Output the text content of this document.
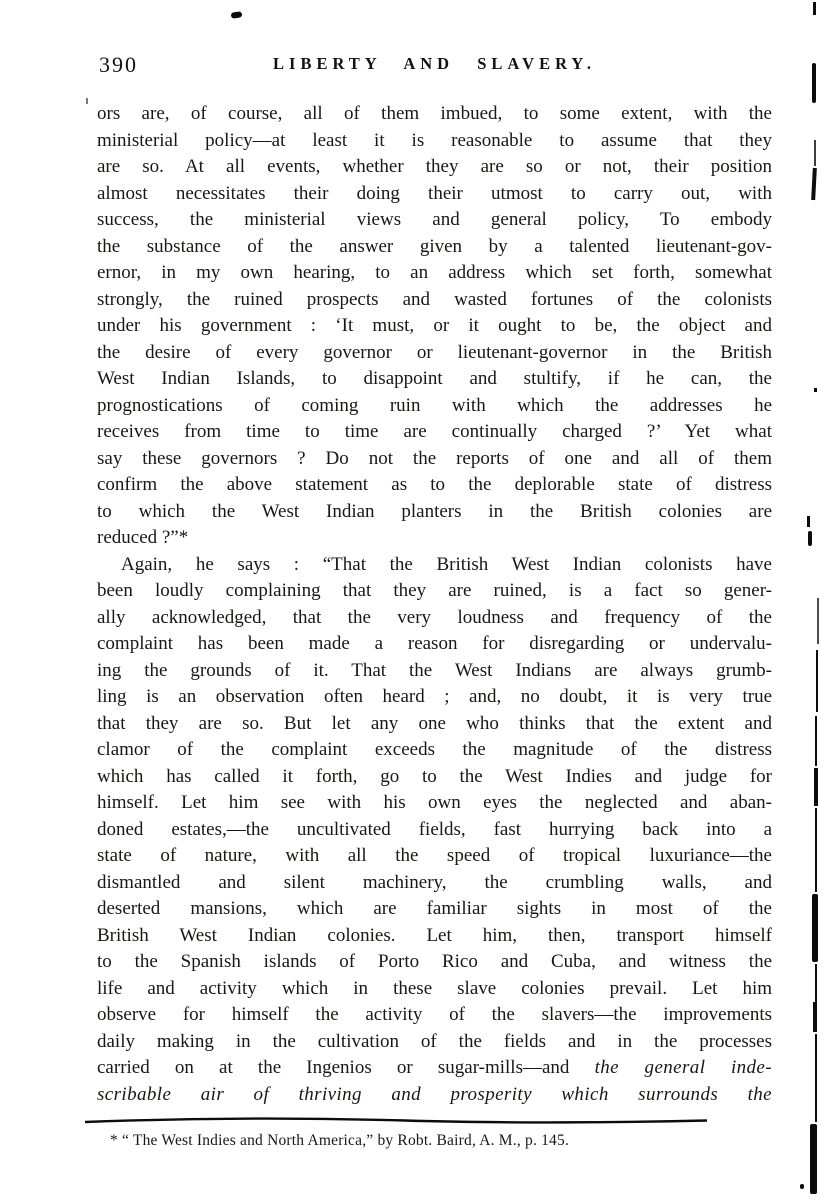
390	LIBERTY AND SLAVERY.
ors are, of course, all of them imbued, to some extent, with the
ministerial policy—at least it is reasonable to assume that they
are so. At all events, whether they are so or not, their position
almost necessitates their doing their utmost to carry out, with
success, the ministerial views and general policy, To embody
the substance of the answer given by a talented lieutenant-gov-
ernor, in my own hearing, to an address which set forth, somewhat
strongly, the ruined prospects and wasted fortunes of the colonists
under his government : ‘It must, or it ought to be, the object and
the desire of every governor or lieutenant-governor in the British
West Indian Islands, to disappoint and stultify, if he can, the
prognostications of coming ruin with which the addresses he
receives from time to time are continually charged ?’ Yet what
say these governors ? Do not the reports of one and all of them
confirm the above statement as to the deplorable state of distress
to which the West Indian planters in the British colonies are
reduced ?”*
Again, he says : “That the British West Indian colonists have
been loudly complaining that they are ruined, is a fact so gener-
ally acknowledged, that the very loudness and frequency of the
complaint has been made a reason for disregarding or undervalu-
ing the grounds of it. That the West Indians are always grumb-
ling is an observation often heard ; and, no doubt, it is very true
that they are so. But let any one who thinks that the extent and
clamor of the complaint exceeds the magnitude of the distress
which has called it forth, go to the West Indies and judge for
himself. Let him see with his own eyes the neglected and aban-
doned estates,—the uncultivated fields, fast hurrying back into a
state of nature, with all the speed of tropical luxuriance—the
dismantled and silent machinery, the crumbling walls, and
deserted mansions, which are familiar sights in most of the
British West Indian colonies. Let him, then, transport himself
to the Spanish islands of Porto Rico and Cuba, and witness the
life and activity which in these slave colonies prevail. Let him
observe for himself the activity of the slavers—the improvements
daily making in the cultivation of the fields and in the processes
carried on at the Ingenios or sugar-mills—and the general inde-
scribable air of thriving and prosperity which surrounds the
* “ The West Indies and North America,” by Robt. Baird, A. M., p. 145.
